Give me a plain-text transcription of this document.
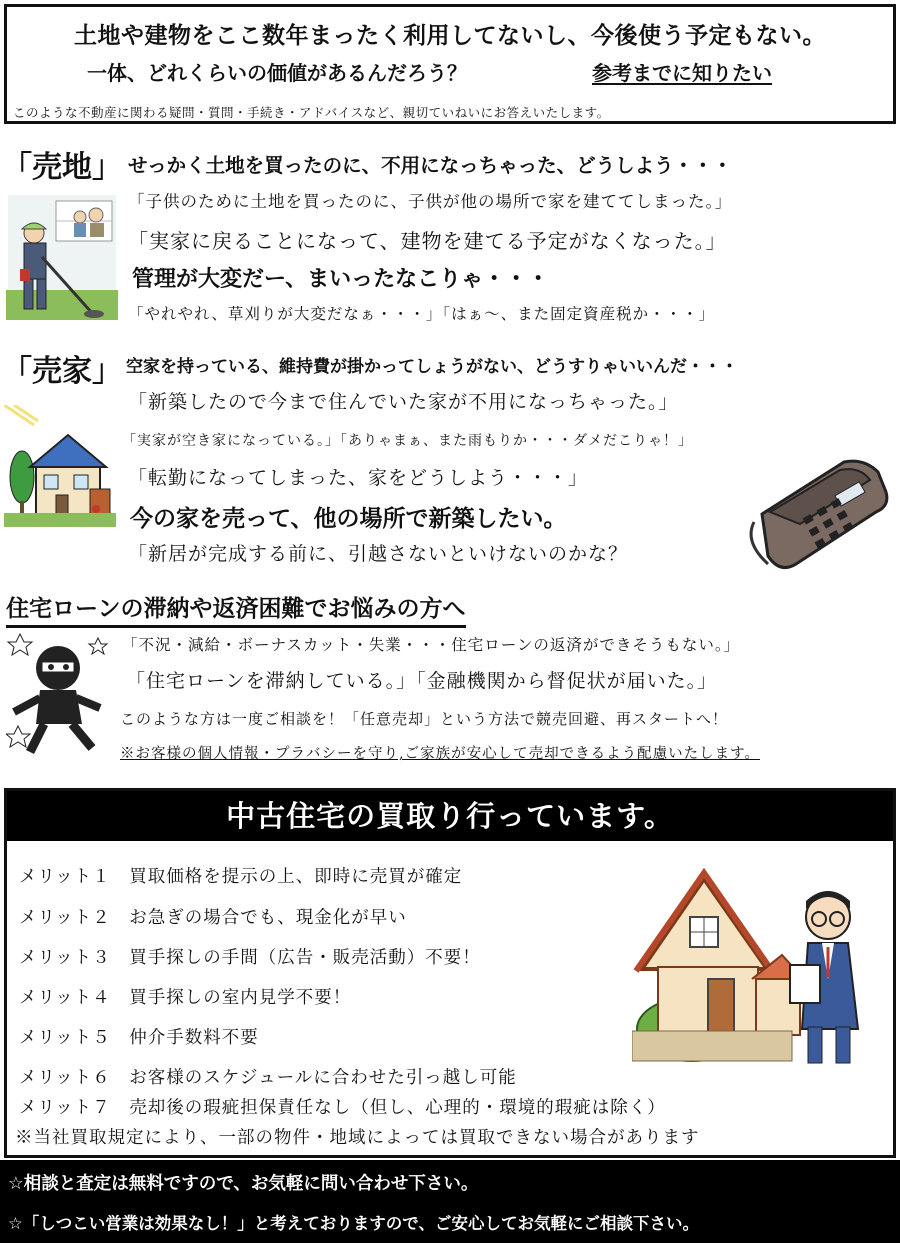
土地や建物をここ数年まったく利用してないし、今後使う予定もない。
一体、どれくらいの価値があるんだろう？	参考までに知りたい
このような不動産に関わる疑問・質問・手続き・アドバイスなど、親切ていねいにお答えいたします。
「売地」 せっかく土地を買ったのに、不用になっちゃった、どうしよう・・・
「子供のために土地を買ったのに、子供が他の場所で家を建ててしまった。」
「実家に戻ることになって、建物を建てる予定がなくなった。」
管理が大変だー、まいったなこりゃ・・・
「やれやれ、草刈りが大変だなぁ・・・」「はぁ〜、また固定資産税か・・・」
「売家」 空家を持っている、維持費が掛かってしょうがない、どうすりゃいいんだ・・・
「新築したので今まで住んでいた家が不用になっちゃった。」
「実家が空き家になっている。」「ありゃまぁ、また雨もりか・・・ダメだこりゃ！」
「転勤になってしまった、家をどうしよう・・・」
今の家を売って、他の場所で新築したい。
「新居が完成する前に、引越さないといけないのかな？
住宅ローンの滞納や返済困難でお悩みの方へ
「不況・減給・ボーナスカット・失業・・・住宅ローンの返済ができそうもない。」
「住宅ローンを滞納している。」「金融機関から督促状が届いた。」
このような方は一度ご相談を！「任意売却」という方法で競売回避、再スタートへ！
※お客様の個人情報・プラバシーを守り,ご家族が安心して売却できるよう配慮いたします。
中古住宅の買取り行っています。
メリット１　買取価格を提示の上、即時に売買が確定
メリット２　お急ぎの場合でも、現金化が早い
メリット３　買手探しの手間（広告・販売活動）不要！
メリット４　買手探しの室内見学不要！
メリット５　仲介手数料不要
メリット６　お客様のスケジュールに合わせた引っ越し可能
メリット７　売却後の瑕疵担保責任なし（但し、心理的・環境的瑕疵は除く）
※当社買取規定により、一部の物件・地域によっては買取できない場合があります
☆相談と査定は無料ですので、お気軽に問い合わせ下さい。
☆「しつこい営業は効果なし！」と考えておりますので、ご安心してお気軽にご相談下さい。
